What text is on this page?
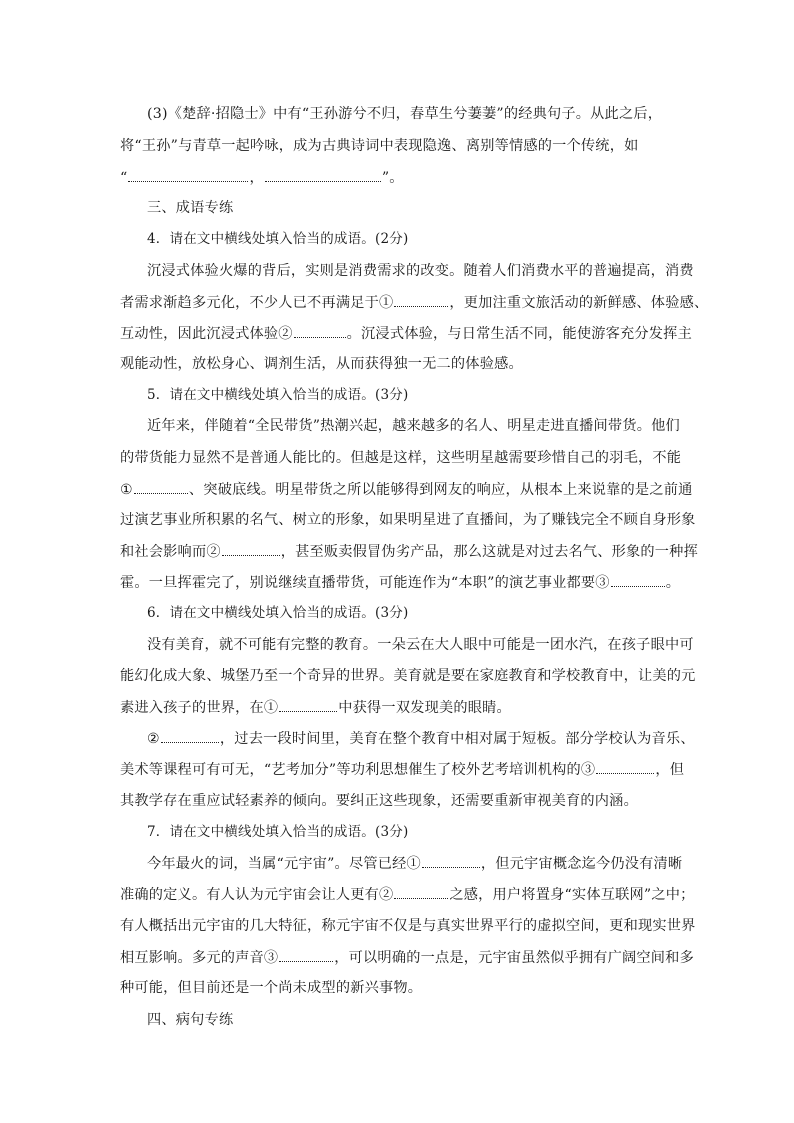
(3)《楚辞·招隐士》中有“王孙游兮不归，春草生兮萋萋”的经典句子。从此之后，
将“王孙”与青草一起吟咏，成为古典诗词中表现隐逸、离别等情感的一个传统，如
“	，	”。
三、成语专练
4．请在文中横线处填入恰当的成语。(2分)
沉浸式体验火爆的背后，实则是消费需求的改变。随着人们消费水平的普遍提高，消费
者需求渐趋多元化，不少人已不再满足于①	，更加注重文旅活动的新鲜感、体验感、
互动性，因此沉浸式体验②	。沉浸式体验，与日常生活不同，能使游客充分发挥主
观能动性，放松身心、调剂生活，从而获得独一无二的体验感。
5．请在文中横线处填入恰当的成语。(3分)
近年来，伴随着“全民带货”热潮兴起，越来越多的名人、明星走进直播间带货。他们
的带货能力显然不是普通人能比的。但越是这样，这些明星越需要珍惜自己的羽毛，不能
①	、突破底线。明星带货之所以能够得到网友的响应，从根本上来说靠的是之前通
过演艺事业所积累的名气、树立的形象，如果明星进了直播间，为了赚钱完全不顾自身形象
和社会影响而②	，甚至贩卖假冒伪劣产品，那么这就是对过去名气、形象的一种挥
霍。一旦挥霍完了，别说继续直播带货，可能连作为“本职”的演艺事业都要③	。
6．请在文中横线处填入恰当的成语。(3分)
没有美育，就不可能有完整的教育。一朵云在大人眼中可能是一团水汽，在孩子眼中可
能幻化成大象、城堡乃至一个奇异的世界。美育就是要在家庭教育和学校教育中，让美的元
素进入孩子的世界，在①	中获得一双发现美的眼睛。
②	，过去一段时间里，美育在整个教育中相对属于短板。部分学校认为音乐、
美术等课程可有可无，“艺考加分”等功利思想催生了校外艺考培训机构的③	，但
其教学存在重应试轻素养的倾向。要纠正这些现象，还需要重新审视美育的内涵。
7．请在文中横线处填入恰当的成语。(3分)
今年最火的词，当属“元宇宙”。尽管已经①	，但元宇宙概念迄今仍没有清晰
准确的定义。有人认为元宇宙会让人更有②	之感，用户将置身“实体互联网”之中；
有人概括出元宇宙的几大特征，称元宇宙不仅是与真实世界平行的虚拟空间，更和现实世界
相互影响。多元的声音③	，可以明确的一点是，元宇宙虽然似乎拥有广阔空间和多
种可能，但目前还是一个尚未成型的新兴事物。
四、病句专练
